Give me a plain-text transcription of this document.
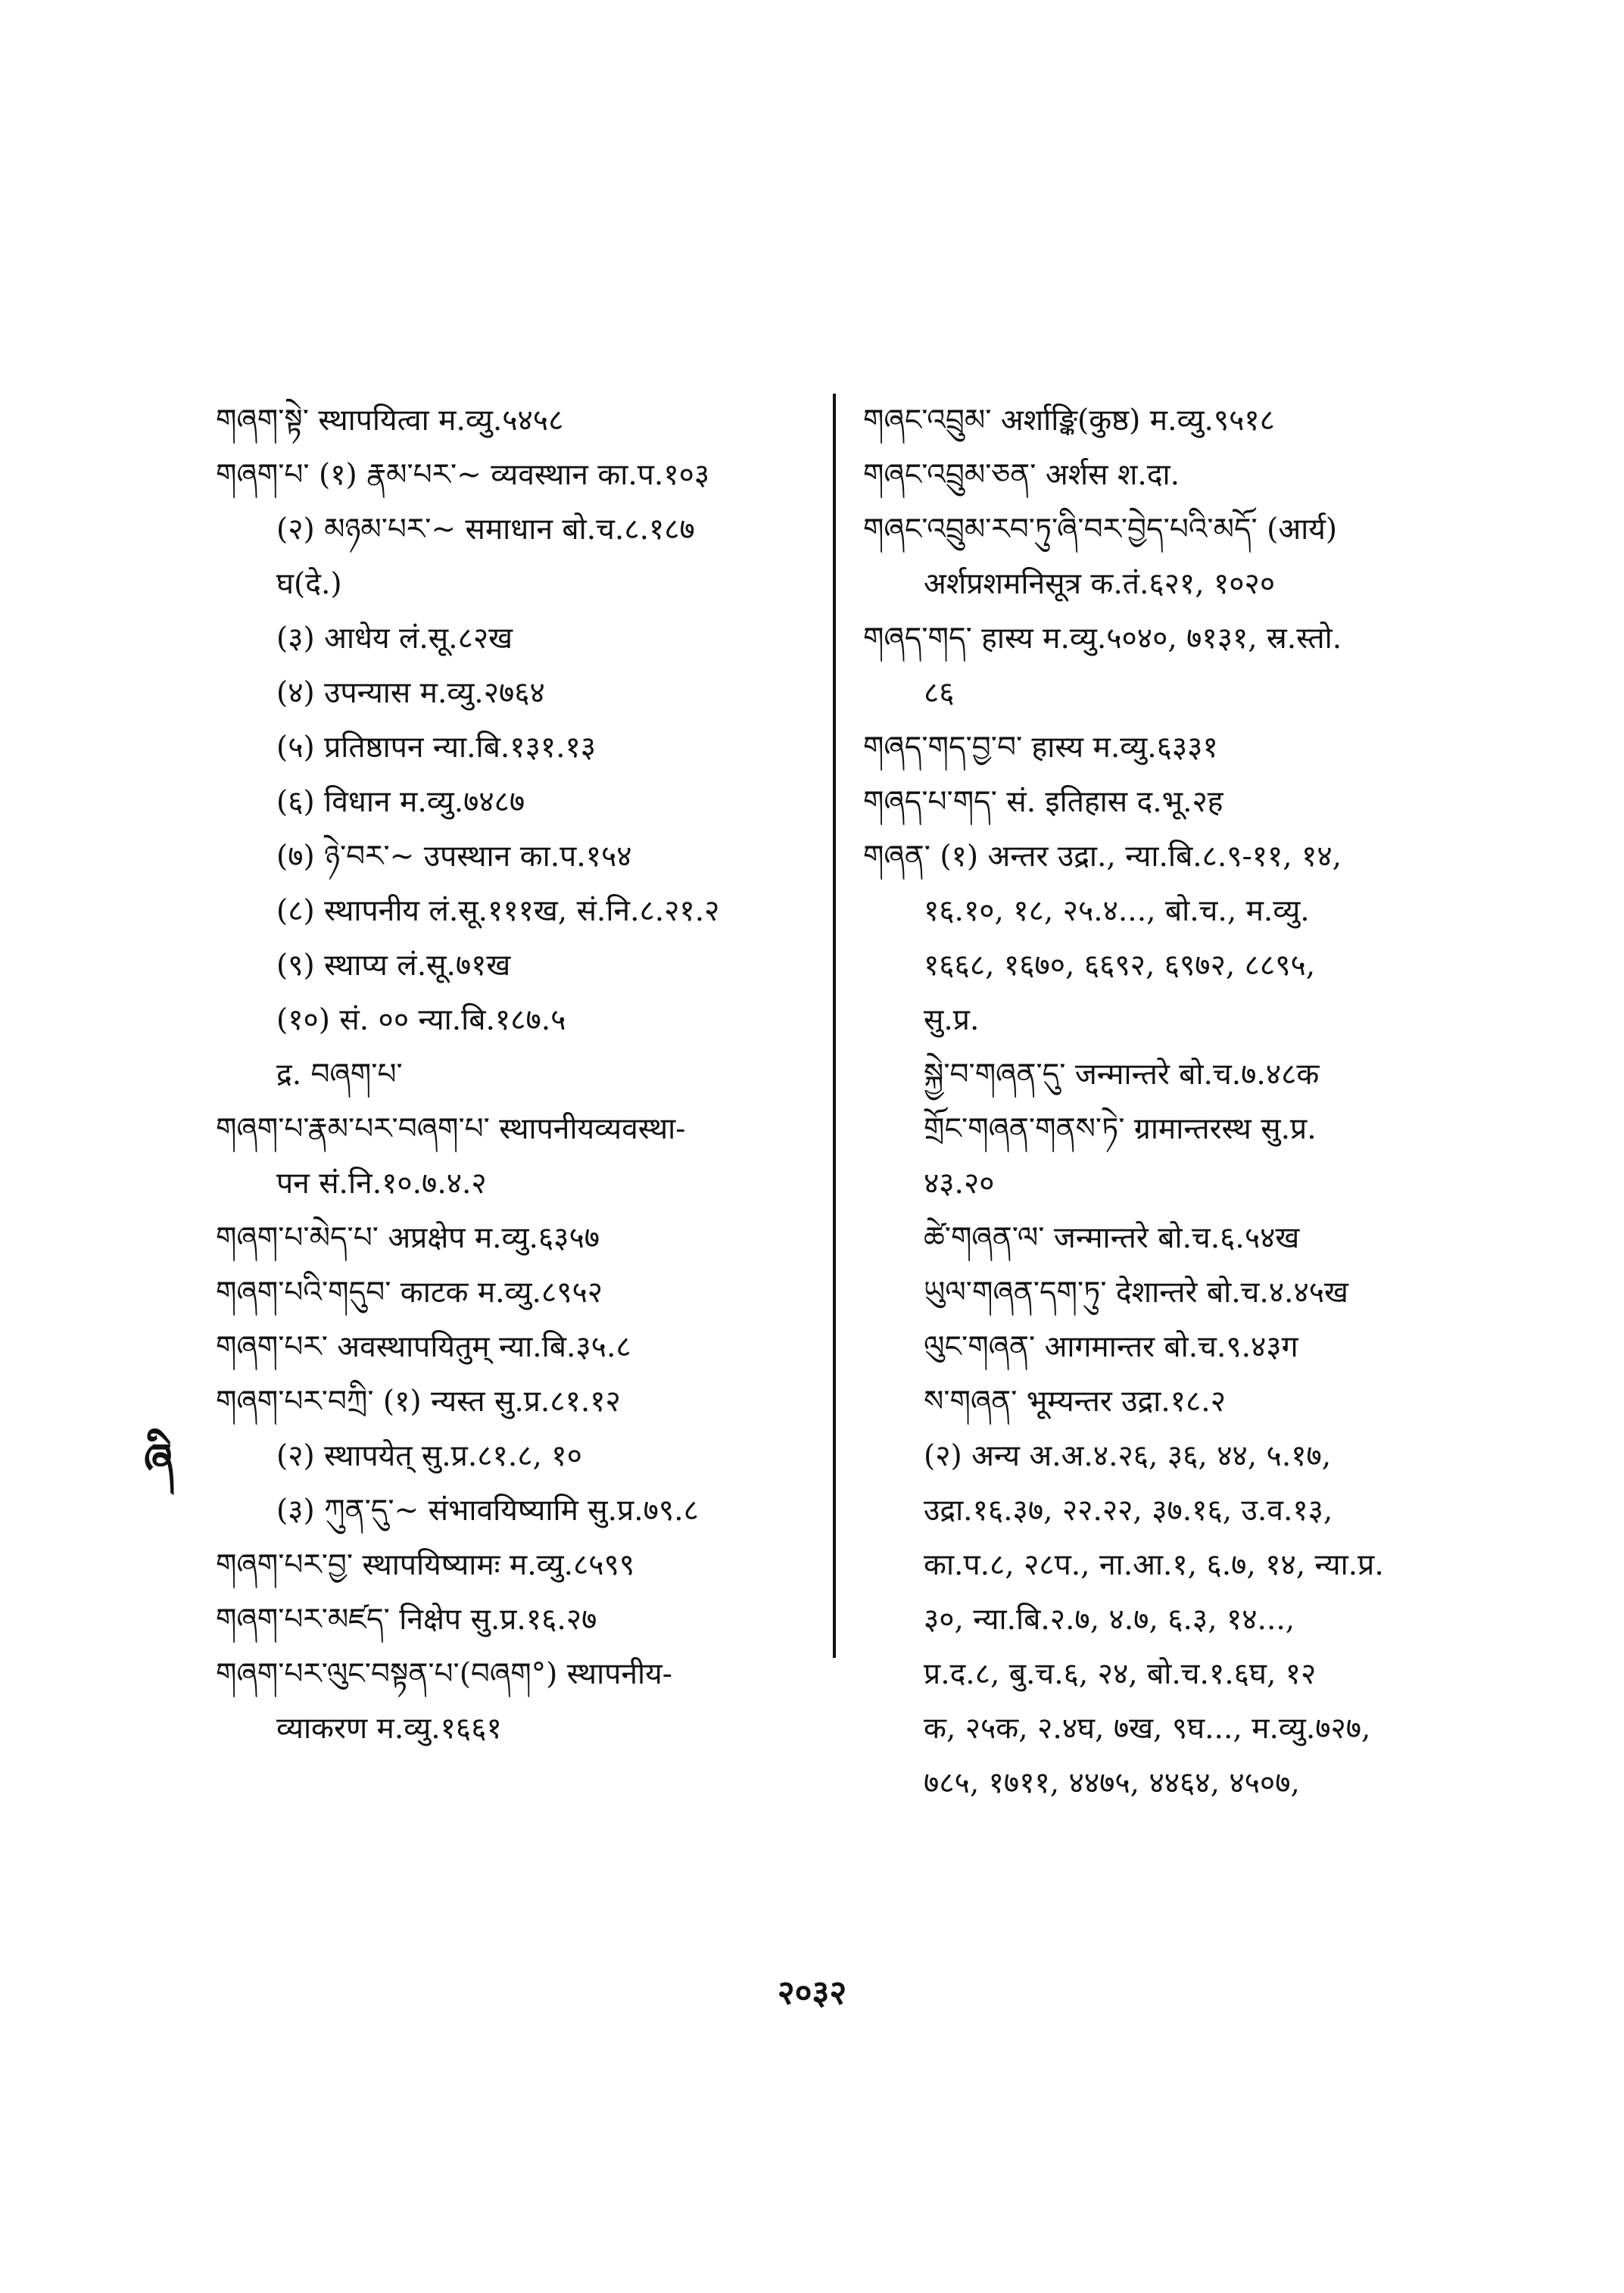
གཞག་སྟེ་ स्थापयित्वा म.व्यु.५४५८
གཞག་པ་ (१) རྣམ་པར་~ व्यवस्थान का.प.१०३
(२) མཉམ་པར་~ समाधान बो.च.८.१८७
घ(दे.)
(३) आधेय लं.सू.८२ख
(४) उपन्यास म.व्यु.२७६४
(५) प्रतिष्ठापन न्या.बि.१३१.१३
(६) विधान म.व्यु.७४८७
(७) ཉེ་བར་~ उपस्थान का.प.१५४
(८) स्थापनीय लं.सू.१११ख, सं.नि.८.२१.२
(९) स्थाप्य लं.सू.७१ख
(१०) सं. ०० न्या.बि.१८७.५
द्र. བཞག་པ་
གཞག་པ་རྣམ་པར་བཞག་པ་ स्थापनीयव्यवस्था-
पन सं.नि.१०.७.४.२
གཞག་པ་མེད་པ་ अप्रक्षेप म.व्यु.६३५७
གཞག་པའི་གདུབ་ काटक म.व्यु.८९५२
གཞག་པར་ अवस्थापयितुम् न्या.बि.३५.८
གཞག་པར་བཀྲི་ (१) न्यस्त सु.प्र.८१.१२
(२) स्थापयेत् सु.प्र.८१.८, १०
(३) ཀུན་དུ་~ संभावयिष्यामि सु.प्र.७९.८
གཞག་པར་བྱ་ स्थापयिष्यामः म.व्यु.८५९९
གཞག་པར་མཛད་ निक्षेप सु.प्र.१६.२७
གཞག་པར་ལུང་བསྟན་པ་(བཞག°) स्थापनीय-
व्याकरण म.व्यु.१६६१
གཞང་འབྲུམ་ अर्शाङ्कि(कुष्ठ) म.व्यु.९५१८
གཞང་འབྲུམ་ཅན་ अर्शस श.दा.
གཞང་འབྲུམ་རབ་ཏུ་ཞི་བར་བྱེད་པའི་མདོ་ (आर्य)
अर्शप्रशमनिसूत्र क.तं.६२१, १०२०
གཞད་གད་ हास्य म.व्यु.५०४०, ७१३१, स्र.स्तो.
८६
གཞད་གད་བྱ་བ་ हास्य म.व्यु.६३३१
གཞད་པ་གད་ सं. इतिहास द.भू.२ह
གཞན་ (१) अन्तर उद्रा., न्या.बि.८.९-११, १४,
१६.१०, १८, २५.४..., बो.च., म.व्यु.
१६६८, १६७०, ६६९२, ६९७२, ८८९५,
सु.प्र.
སྐྱེ་བ་གཞན་དུ་ जन्मान्तरे बो.च.७.४८क
གྲོང་གཞན་གནས་ཏེ་ ग्रामान्तरस्थ सु.प्र.
४३.२०
ཚེ་གཞན་ལ་ जन्मान्तरे बो.च.६.५४ख
ཡུལ་གཞན་དག་ཏུ་ देशान्तरे बो.च.४.४५ख
ལུང་གཞན་ आगमान्तर बो.च.९.४३ग
ས་གཞན་ भूम्यन्तर उद्रा.१८.२
(२) अन्य अ.अ.४.२६, ३६, ४४, ५.१७,
उद्रा.१६.३७, २२.२२, ३७.१६, उ.व.१३,
का.प.८, २८प., ना.आ.१, ६.७, १४, न्या.प्र.
३०, न्या.बि.२.७, ४.७, ६.३, १४...,
प्र.द.८, बु.च.६, २४, बो.च.१.६घ, १२
क, २५क, २.४घ, ७ख, ९घ..., म.व्यु.७२७,
७८५, १७११, ४४७५, ४४६४, ४५०७,
ཞི
२०३२
